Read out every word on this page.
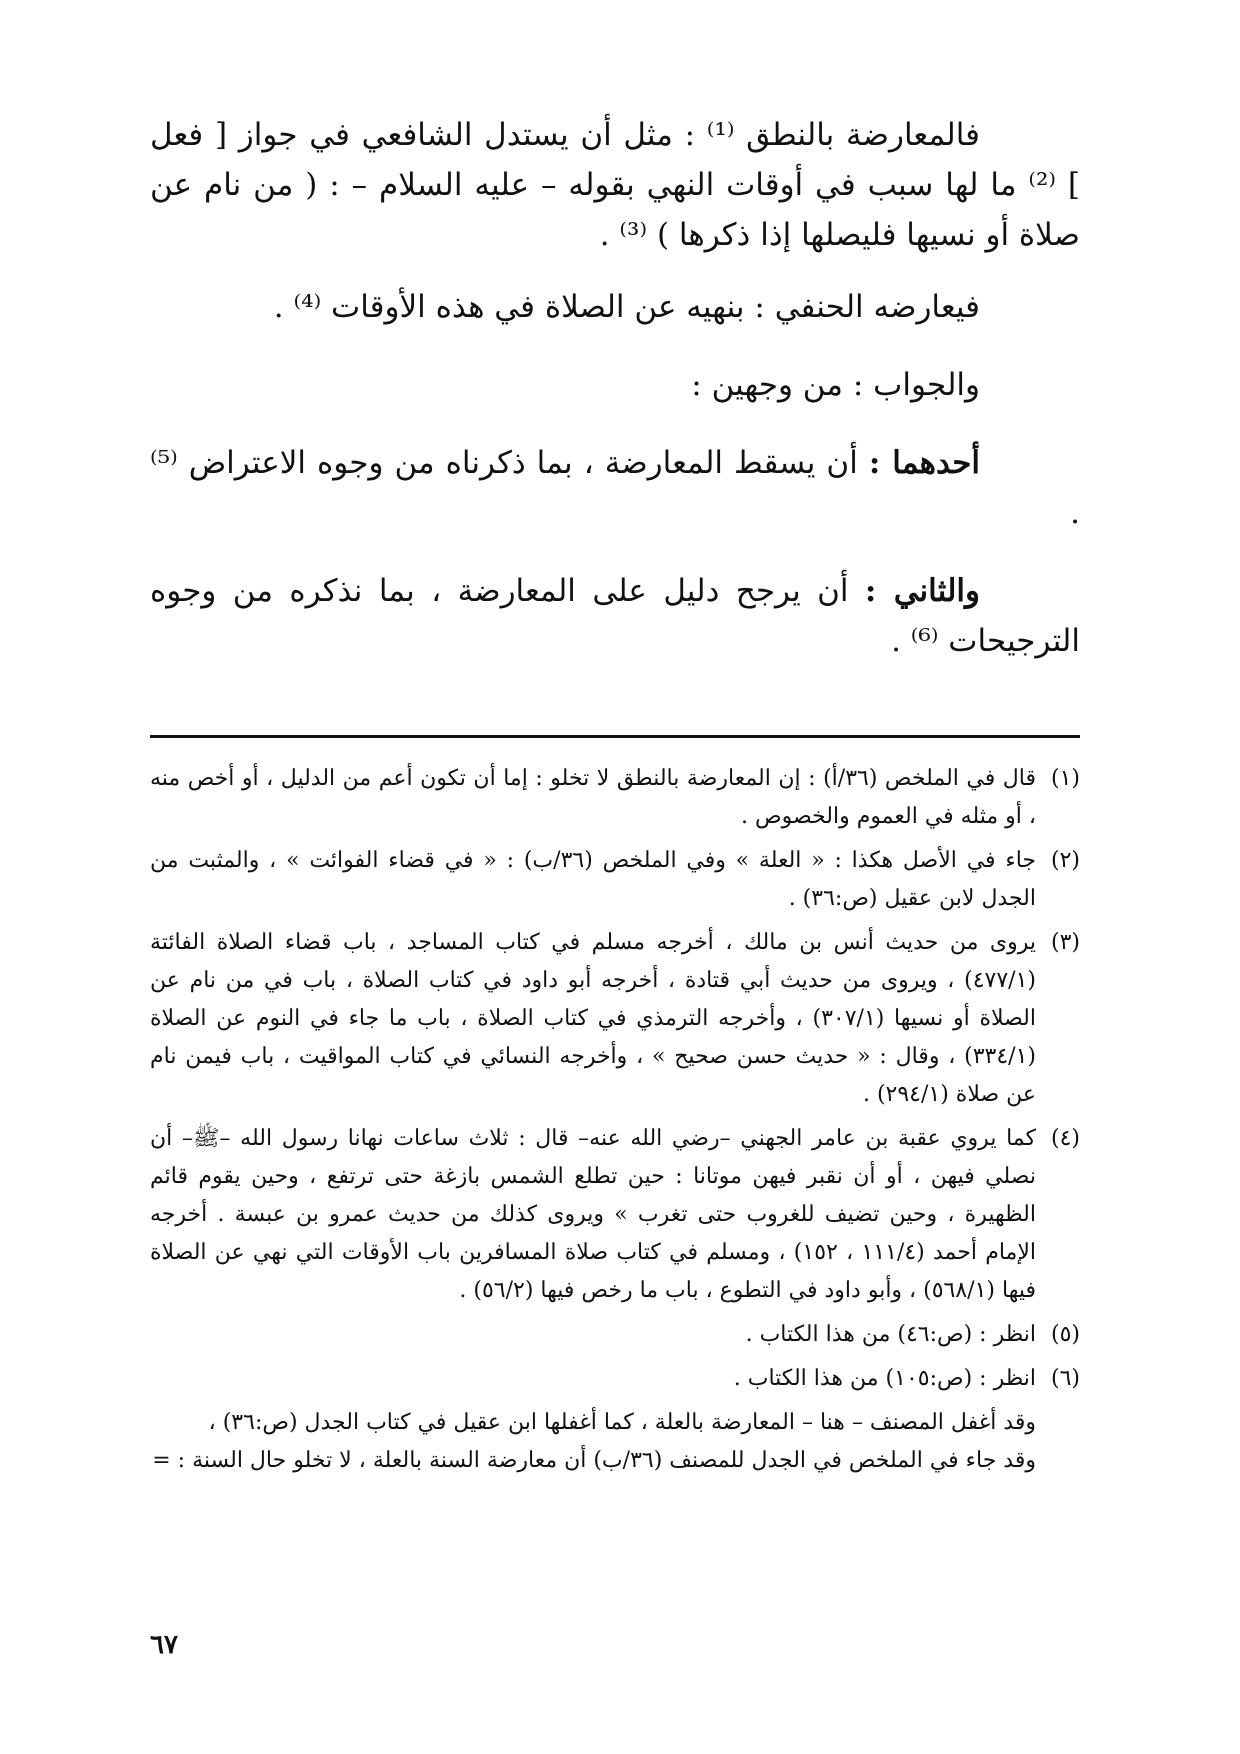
فالمعارضة بالنطق ⁽¹⁾ : مثل أن يستدل الشافعي في جواز [ فعل ] ⁽²⁾ ما لها سبب في أوقات النهي بقوله – عليه السلام – : ( من نام عن صلاة أو نسيها فليصلها إذا ذكرها ) ⁽³⁾ .

فيعارضه الحنفي : بنهيه عن الصلاة في هذه الأوقات ⁽⁴⁾ .

والجواب : من وجهين :

أحدهما : أن يسقط المعارضة ، بما ذكرناه من وجوه الاعتراض ⁽⁵⁾ .

والثاني : أن يرجح دليل على المعارضة ، بما نذكره من وجوه الترجيحات ⁽⁶⁾ .

(١)
قال في الملخص (٣٦/أ) : إن المعارضة بالنطق لا تخلو : إما أن تكون أعم من الدليل ، أو أخص منه ، أو مثله في العموم والخصوص .

(٢)
جاء في الأصل هكذا : « العلة » وفي الملخص (٣٦/ب) : « في قضاء الفوائت » ، والمثبت من الجدل لابن عقيل (ص:٣٦) .

(٣)
يروى من حديث أنس بن مالك ، أخرجه مسلم في كتاب المساجد ، باب قضاء الصلاة الفائتة (٤٧٧/١) ، ويروى من حديث أبي قتادة ، أخرجه أبو داود في كتاب الصلاة ، باب في من نام عن الصلاة أو نسيها (٣٠٧/١) ، وأخرجه الترمذي في كتاب الصلاة ، باب ما جاء في النوم عن الصلاة (٣٣٤/١) ، وقال : « حديث حسن صحيح » ، وأخرجه النسائي في كتاب المواقيت ، باب فيمن نام عن صلاة (٢٩٤/١) .

(٤)
كما يروي عقبة بن عامر الجهني –رضي الله عنه– قال : ثلاث ساعات نهانا رسول الله –ﷺ– أن نصلي فيهن ، أو أن نقبر فيهن موتانا : حين تطلع الشمس بازغة حتى ترتفع ، وحين يقوم قائم الظهيرة ، وحين تضيف للغروب حتى تغرب » ويروى كذلك من حديث عمرو بن عبسة . أخرجه الإمام أحمد (١١١/٤ ، ١٥٢) ، ومسلم في كتاب صلاة المسافرين باب الأوقات التي نهي عن الصلاة فيها (٥٦٨/١) ، وأبو داود في التطوع ، باب ما رخص فيها (٥٦/٢) .

(٥)
انظر : (ص:٤٦) من هذا الكتاب .

(٦)
انظر : (ص:١٠٥) من هذا الكتاب .

وقد أغفل المصنف – هنا – المعارضة بالعلة ، كما أغفلها ابن عقيل في كتاب الجدل (ص:٣٦) ،

وقد جاء في الملخص في الجدل للمصنف (٣٦/ب) أن معارضة السنة بالعلة ، لا تخلو حال السنة : =

٦٧
